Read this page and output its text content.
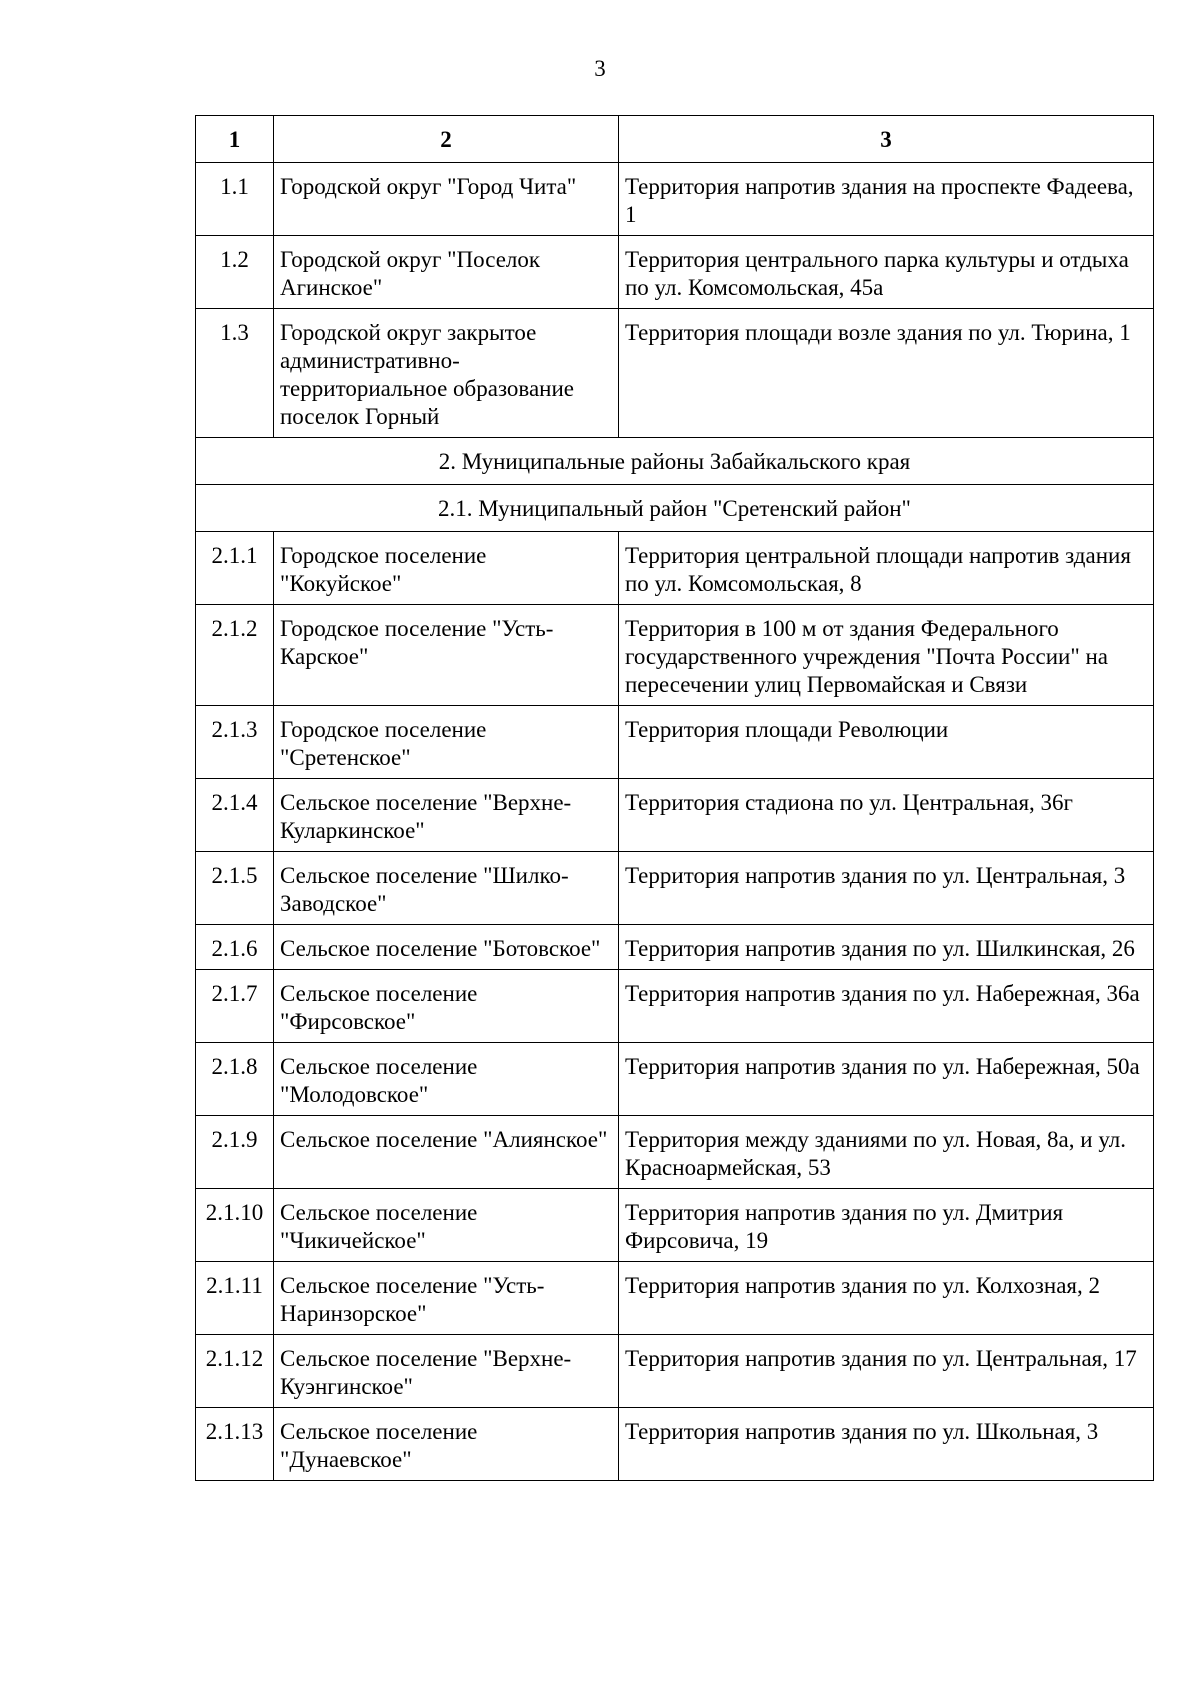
3
1	2	3
1.1	Городской округ "Город Чита"	Территория напротив здания на проспекте Фадеева, 1
1.2	Городской округ "Поселок Агинское"	Территория центрального парка культуры и отдыха по ул. Комсомольская, 45а
1.3	Городской округ закрытое административно-территориальное образование поселок Горный	Территория площади возле здания по ул. Тюрина, 1
2. Муниципальные районы Забайкальского края		
2.1. Муниципальный район "Сретенский район"		
2.1.1	Городское поселение "Кокуйское"	Территория центральной площади напротив здания по ул. Комсомольская, 8
2.1.2	Городское поселение "Усть-Карское"	Территория в 100 м от здания Федерального государственного учреждения "Почта России" на пересечении улиц Первомайская и Связи
2.1.3	Городское поселение "Сретенское"	Территория площади Революции
2.1.4	Сельское поселение "Верхне-Куларкинское"	Территория стадиона по ул. Центральная, 36г
2.1.5	Сельское поселение "Шилко-Заводское"	Территория напротив здания по ул. Центральная, 3
2.1.6	Сельское поселение "Ботовское"	Территория напротив здания по ул. Шилкинская, 26
2.1.7	Сельское поселение "Фирсовское"	Территория напротив здания по ул. Набережная, 36а
2.1.8	Сельское поселение "Молодовское"	Территория напротив здания по ул. Набережная, 50а
2.1.9	Сельское поселение "Алиянское"	Территория между зданиями по ул. Новая, 8а, и ул. Красноармейская, 53
2.1.10	Сельское поселение "Чикичейское"	Территория напротив здания по ул. Дмитрия Фирсовича, 19
2.1.11	Сельское поселение "Усть-Наринзорское"	Территория напротив здания по ул. Колхозная, 2
2.1.12	Сельское поселение "Верхне-Куэнгинское"	Территория напротив здания по ул. Центральная, 17
2.1.13	Сельское поселение "Дунаевское"	Территория напротив здания по ул. Школьная, 3
